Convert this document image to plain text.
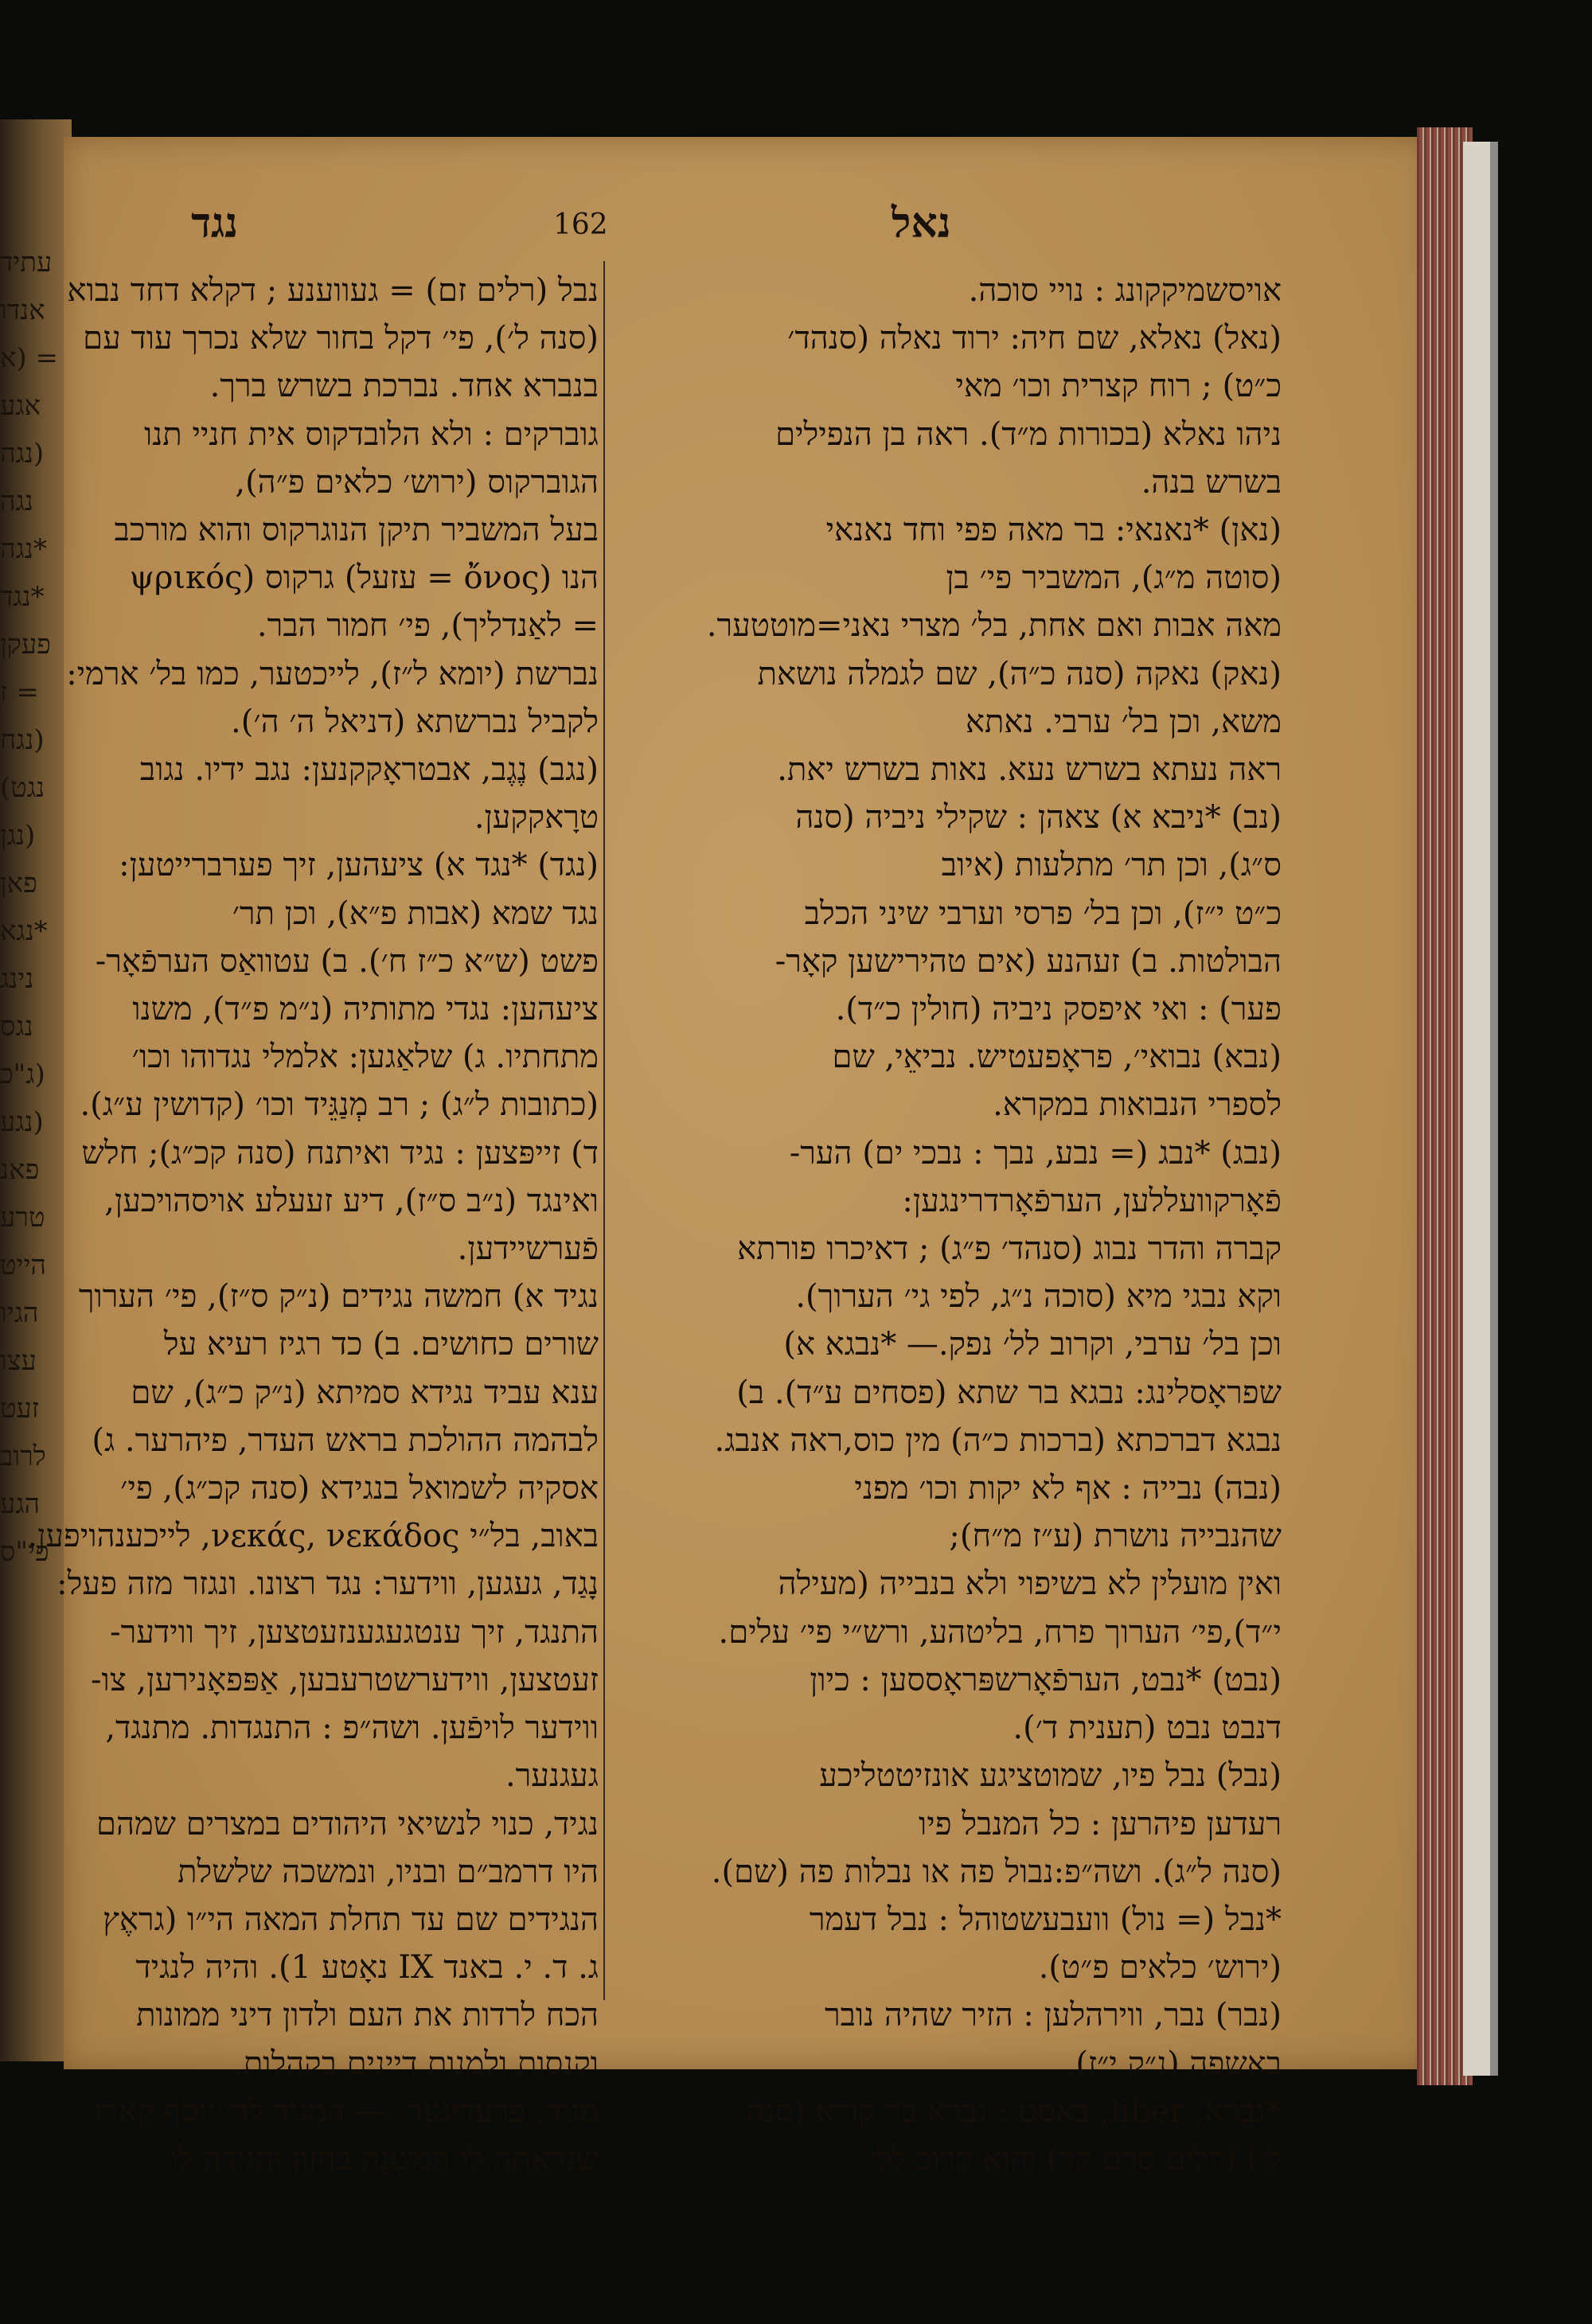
עתיד
אנדו
= (א
אגע
(נגה
נגה
*נגה
*נגד
פעקן
= ז
(נגח
נגט)
(נגן
פאן
*נגא
נינג
נגס
(ג"כ
(נגע
פאנ
טרע
הייט
הגיו
עצו
זעט
לרוב
הגע
פי"ס
נגד	162	נאל

נבל (רלים זם) = געווענע ; דקלא דחד נבוא

(סנה ל׳), פי׳ דקל בחור שלא נכרך עוד עם

בנברא אחד. נברכת בשרש ברך.

גוברקים : ולא הלובדקוס אית חניי תנו

הגוברקוס (ירוש׳ כלאים פ״ה),

בעל המשביר תיקן הנוגרקוס והוא מורכב

הנו (ὄνος = עזעל) גרקוס (ψρικός

= לאַנדליך), פי׳ חמור הבר.

נברשת (יומא ל״ז), לייכטער, כמו בל׳ ארמי:

לקביל נברשתא (דניאל ה׳ ה׳).

(נגב) נֶגֶב, אבטראָקקנען: נגב ידיו. נגוב

טרָאקקען.

(נגד) *נגד א) ציעהען, זיך פערברייטען:

נגד שמא (אבות פ״א), וכן תר׳

פשט (ש״א כ״ז ח׳). ב) עטוואַס הערפֿאָר-

ציעהען: נגדי מתותיה (נ״מ פ״ד), משנו

מתחתיו. ג) שלאַגען: אלמלי נגדוהו וכו׳

(כתובות ל״ג) ; רב מְנַגֵּיד וכו׳ (קדושין ע״ג).

ד) זייפּצען : נגיד ואיתנח (סנה קכ״ג); חלש

ואינגד (נ״ב ס״ז), דיע זעעלע אויסהויכען,

פֿערשיידען.

נגיד א) חמשה נגידים (נ״ק ס״ז), פי׳ הערוך

שורים כחושים. ב) כד רגיז רעיא על

ענא עביד נגידא סמיתא (נ״ק כ״ג), שם

לבהמה ההולכת בראש העדר, פיהרער. ג)

אסקיה לשמואל בנגידא (סנה קכ״ג), פי׳

באוב, בל״י νεκάς, νεκάδος, לייכענהויפען.

נָגַד, געגען, ווידער: נגד רצונו. ונגזר מזה פעל:

התנגד, זיך ענטגעגענזעטצען, זיך ווידער-

זעטצען, ווידערשטרעבען, אַפּפאָנירען, צו-

ווידער לויפֿען. ושה״פ : התנגדות. מתנגד,

געגנער.

נגיד, כנוי לנשיאי היהודים במצרים שמהם

היו דרמב״ם ובניו, ונמשכה שלשלת

הנגידים שם עד תחלת המאה הי״ו (גראֶץ

ג. ד. י. באנד IX נאָטע 1). והיה לנגיד

הכח לרדות את העם ולדון דיני ממונות

וקנסות ולמנות דיינים בקהלות.

מגיד, פּרעדיגער. — המגיד לר׳ יוסף קארו

שנראתה לו הַמִּשְׁנָה בחזון והגידה לו

אויסשמיקקונג : נויי סוכה.

(נאל) נאלא, שם חיה: ירוד נאלה (סנהד׳

כ״ט) ; רוח קצרית וכו׳ מאי

ניהו נאלא (בכורות מ״ד). ראה בן הנפילים

בשרש בנה.

(נאן) *נאנאי: בר מאה פפי וחד נאנאי

(סוטה מ״ג), המשביר פי׳ בן

מאה אבות ואם אחת, בל׳ מצרי נאני=מוטטער.

(נאק) נאקה (סנה כ״ה), שם לגמלה נושאת

משא, וכן בל׳ ערבי. נאתא

ראה נעתא בשרש נעא. נאות בשרש יאת.

(נב) *ניבא א) צאהן : שקילי ניביה (סנה

ס״ג), וכן תר׳ מתלעות (איוב

כ״ט י״ז), וכן בל׳ פרסי וערבי שיני הכלב

הבולטות. ב) זעהנע (אים טהירישען קאָר-

פער) : ואי איפסק ניביה (חולין כ״ד).

(נבא) נבואי׳, פראָפעטיש. נביאֵי, שם

לספרי הנבואות במקרא.

(נבג) *נבג (= נבע, נבך : נבכי ים) הער-

פֿאָרקוועללען, הערפֿאָרדרינגען:

קברה והדר נבוג (סנהד׳ פ״ג) ; דאיכרו פורתא

וקא נבגי מיא (סוכה נ״ג, לפי גי׳ הערוך).

וכן בל׳ ערבי, וקרוב לל׳ נפק.— *נבגא א)

שפראָסלינג: נבגא בר שתא (פסחים ע״ד). ב)

נבגא דברכתא (ברכות כ״ה) מין כוס,ראה אנבג.

(נבה) נבייה : אף לא יקות וכו׳ מפני

שהנבייה נושרת (ע״ז מ״ח);

ואין מועלין לא בשיפוי ולא בנבייה (מעילה

י״ד),פי׳ הערוך פרח, בליטהע, ורש״י פי׳ עלים.

(נבט) *נבט, הערפֿאָרשפּראָססען : כיון

דנבט נבט (תענית ד׳).

(נבל) נבל פיו, שמוטציגע אונזיטטליכע

רעדען פיהרען : כל המנבל פיו

(סנה ל״ג). ושה״פ:נבול פה או נבלות פה (שם).

*נבל (= נול) וועבעשטוהל : נבל דעמר

(ירוש׳ כלאים פ״ט).

(נבר) נבר, ווירהלען : הזיר שהיה נובר

באשפה (נ״ק י״ז).

*נברא, liber, באַסט : נברא בר קורא (סנה

ל׳) (רלים סרם קך) והוא קרוב לל׳
